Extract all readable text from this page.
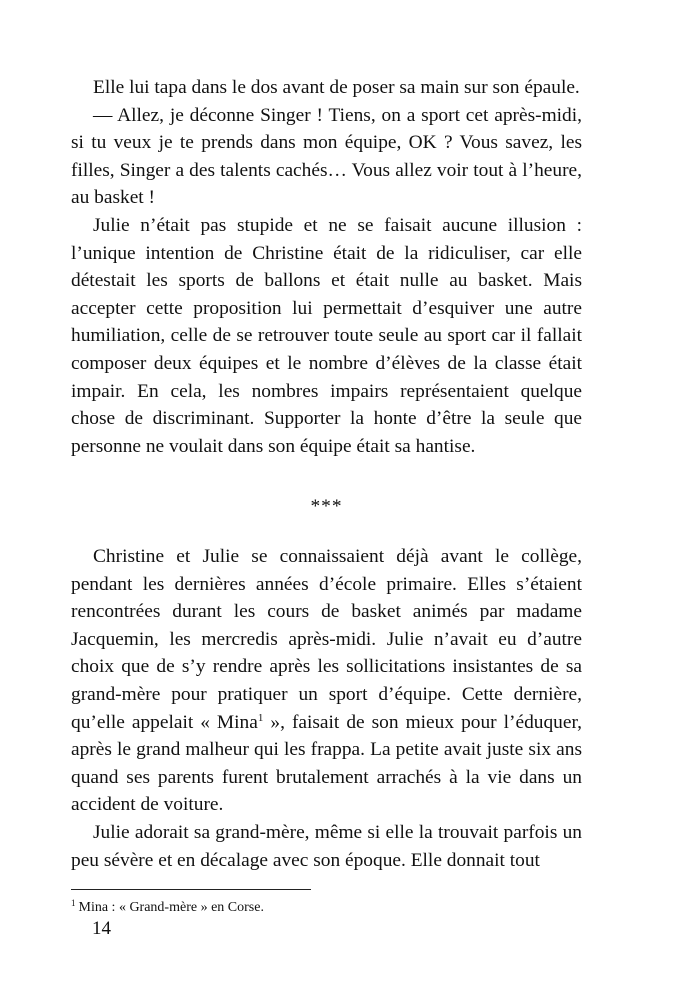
Elle lui tapa dans le dos avant de poser sa main sur son épaule.

— Allez, je déconne Singer ! Tiens, on a sport cet après-midi, si tu veux je te prends dans mon équipe, OK ? Vous savez, les filles, Singer a des talents cachés… Vous allez voir tout à l’heure, au basket !

Julie n’était pas stupide et ne se faisait aucune illusion : l’unique intention de Christine était de la ridiculiser, car elle détestait les sports de ballons et était nulle au basket. Mais accepter cette proposition lui permettait d’esquiver une autre humiliation, celle de se retrouver toute seule au sport car il fallait composer deux équipes et le nombre d’élèves de la classe était impair. En cela, les nombres impairs représentaient quelque chose de discriminant. Supporter la honte d’être la seule que personne ne voulait dans son équipe était sa hantise.

***

Christine et Julie se connaissaient déjà avant le collège, pendant les dernières années d’école primaire. Elles s’étaient rencontrées durant les cours de basket animés par madame Jacquemin, les mercredis après-midi. Julie n’avait eu d’autre choix que de s’y rendre après les sollicitations insistantes de sa grand-mère pour pratiquer un sport d’équipe. Cette dernière, qu’elle appelait « Mina$^1$ », faisait de son mieux pour l’éduquer, après le grand malheur qui les frappa. La petite avait juste six ans quand ses parents furent brutalement arrachés à la vie dans un accident de voiture.

Julie adorait sa grand-mère, même si elle la trouvait parfois un peu sévère et en décalage avec son époque. Elle donnait tout

$^1$ Mina : « Grand-mère » en Corse.
14
